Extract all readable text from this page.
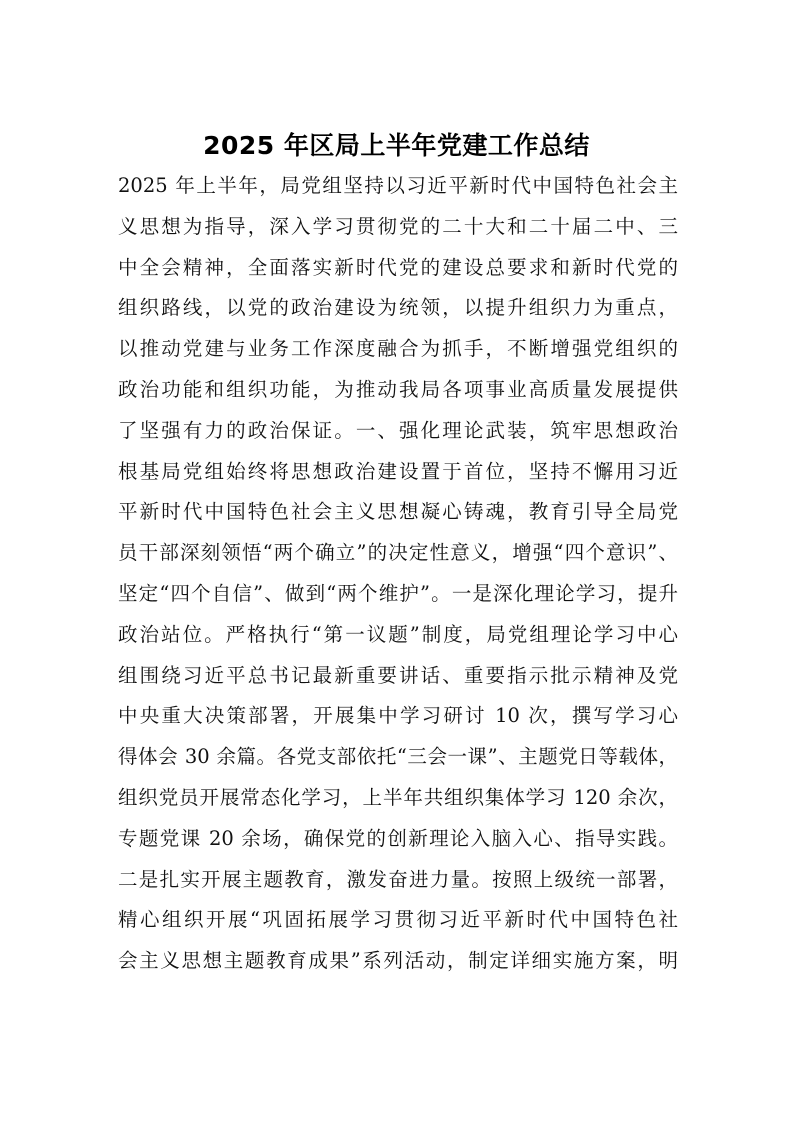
2025 年区局上半年党建工作总结
2025 年上半年，局党组坚持以习近平新时代中国特色社会主
义思想为指导，深入学习贯彻党的二十大和二十届二中、三
中全会精神，全面落实新时代党的建设总要求和新时代党的
组织路线，以党的政治建设为统领，以提升组织力为重点，
以推动党建与业务工作深度融合为抓手，不断增强党组织的
政治功能和组织功能，为推动我局各项事业高质量发展提供
了坚强有力的政治保证。一、强化理论武装，筑牢思想政治
根基局党组始终将思想政治建设置于首位，坚持不懈用习近
平新时代中国特色社会主义思想凝心铸魂，教育引导全局党
员干部深刻领悟“两个确立”的决定性意义，增强“四个意识”、
坚定“四个自信”、做到“两个维护”。一是深化理论学习，提升
政治站位。严格执行“第一议题”制度，局党组理论学习中心
组围绕习近平总书记最新重要讲话、重要指示批示精神及党
中央重大决策部署，开展集中学习研讨 10 次，撰写学习心
得体会 30 余篇。各党支部依托“三会一课”、主题党日等载体，
组织党员开展常态化学习，上半年共组织集体学习 120 余次，
专题党课 20 余场，确保党的创新理论入脑入心、指导实践。
二是扎实开展主题教育，激发奋进力量。按照上级统一部署，
精心组织开展“巩固拓展学习贯彻习近平新时代中国特色社
会主义思想主题教育成果”系列活动，制定详细实施方案，明
